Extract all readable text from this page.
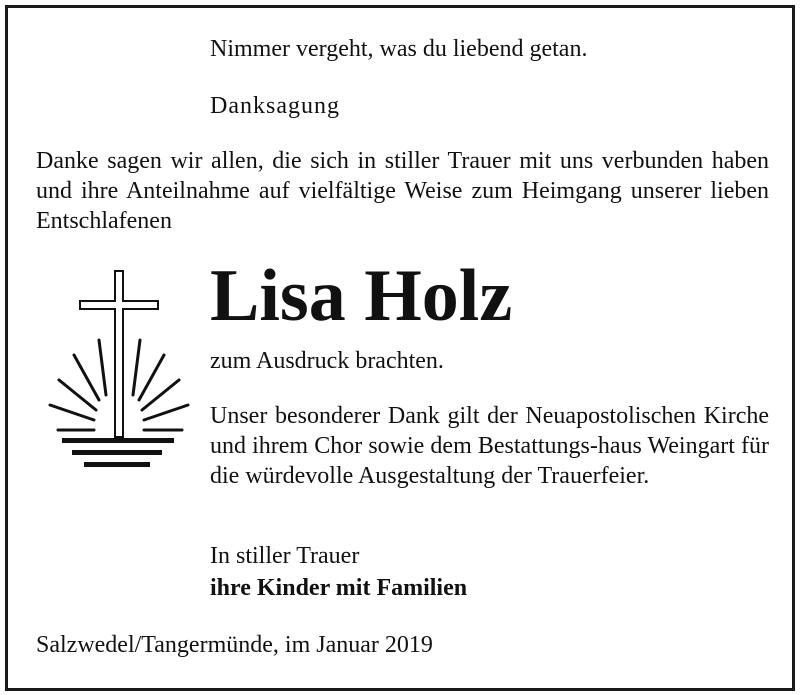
Nimmer vergeht, was du liebend getan.
Danksagung
Danke sagen wir allen, die sich in stiller Trauer mit uns verbunden haben und ihre Anteilnahme auf vielfältige Weise zum Heimgang unserer lieben Entschlafenen
Lisa Holz
zum Ausdruck brachten.
Unser besonderer Dank gilt der Neuapostolischen Kirche und ihrem Chor sowie dem Bestattungs-haus Weingart für die würdevolle Ausgestaltung der Trauerfeier.
In stiller Trauer
ihre Kinder mit Familien
Salzwedel/Tangermünde, im Januar 2019
